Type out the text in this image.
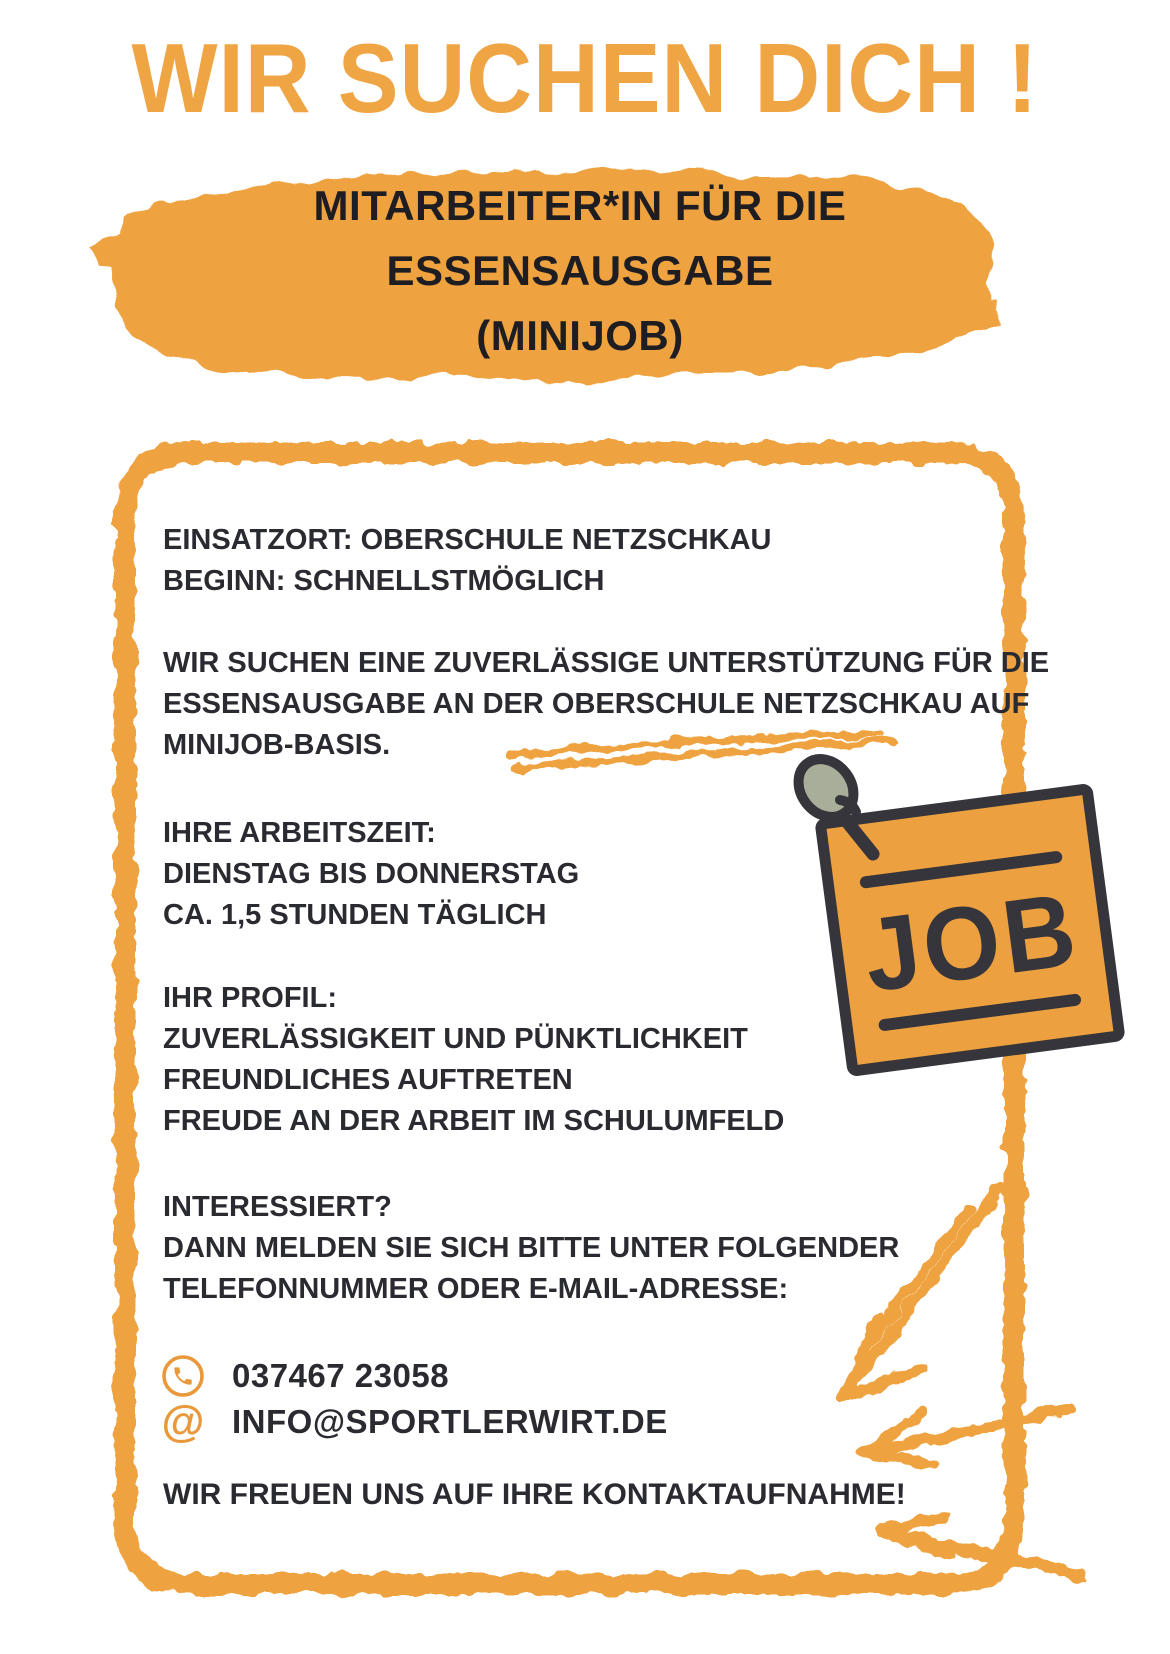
WIR SUCHEN DICH !
MITARBEITER*IN FÜR DIE
ESSENSAUSGABE
(MINIJOB)

EINSATZORT: OBERSCHULE NETZSCHKAU
BEGINN: SCHNELLSTMÖGLICH

WIR SUCHEN EINE ZUVERLÄSSIGE UNTERSTÜTZUNG FÜR DIE
ESSENSAUSGABE AN DER OBERSCHULE NETZSCHKAU AUF
MINIJOB-BASIS.

IHRE ARBEITSZEIT:
DIENSTAG BIS DONNERSTAG
CA. 1,5 STUNDEN TÄGLICH

IHR PROFIL:
ZUVERLÄSSIGKEIT UND PÜNKTLICHKEIT
FREUNDLICHES AUFTRETEN
FREUDE AN DER ARBEIT IM SCHULUMFELD

INTERESSIERT?
DANN MELDEN SIE SICH BITTE UNTER FOLGENDER
TELEFONNUMMER ODER E-MAIL-ADRESSE:

037467 23058
@ INFO@SPORTLERWIRT.DE

WIR FREUEN UNS AUF IHRE KONTAKTAUFNAHME!

JOB
